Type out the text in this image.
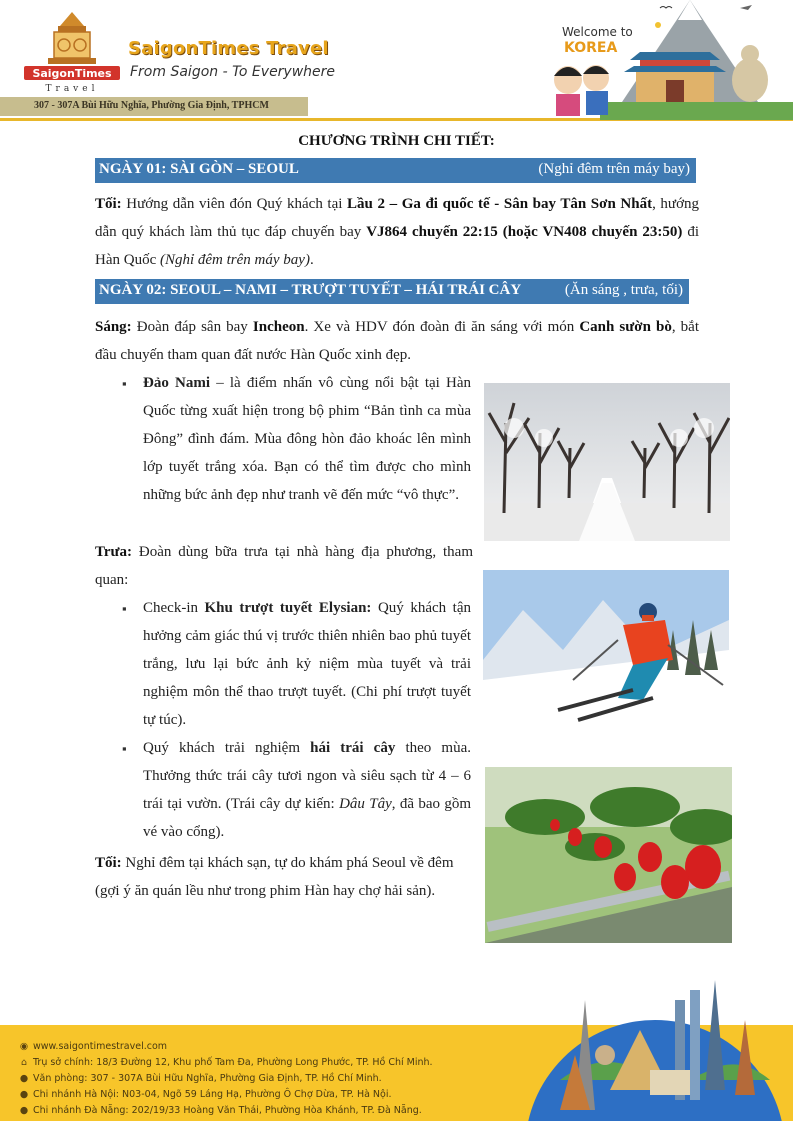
SaigonTimes
Travel
SaigonTimes Travel
From Saigon - To Everywhere
307 - 307A Bùi Hữu Nghĩa, Phường Gia Định, TPHCM
Welcome to
KOREA
CHƯƠNG TRÌNH CHI TIẾT:
NGÀY 01: SÀI GÒN – SEOUL	(Nghỉ đêm trên máy bay)
Tối: Hướng dẫn viên đón Quý khách tại Lầu 2 – Ga đi quốc tế - Sân bay Tân Sơn Nhất, hướng dẫn quý khách làm thủ tục đáp chuyến bay VJ864 chuyến 22:15 (hoặc VN408 chuyến 23:50) đi Hàn Quốc (Nghỉ đêm trên máy bay).
NGÀY 02: SEOUL – NAMI – TRƯỢT TUYẾT – HÁI TRÁI CÂY	(Ăn sáng , trưa, tối)
Sáng: Đoàn đáp sân bay Incheon. Xe và HDV đón đoàn đi ăn sáng với món Canh sườn bò, bắt đầu chuyến tham quan đất nước Hàn Quốc xinh đẹp.
▪ Đảo Nami – là điểm nhấn vô cùng nổi bật tại Hàn Quốc từng xuất hiện trong bộ phim “Bản tình ca mùa Đông” đình đám. Mùa đông hòn đảo khoác lên mình lớp tuyết trắng xóa. Bạn có thể tìm được cho mình những bức ảnh đẹp như tranh vẽ đến mức “vô thực”.
Trưa: Đoàn dùng bữa trưa tại nhà hàng địa phương, tham quan:
▪ Check-in Khu trượt tuyết Elysian: Quý khách tận hưởng cảm giác thú vị trước thiên nhiên bao phủ tuyết trắng, lưu lại bức ảnh kỷ niệm mùa tuyết và trải nghiệm môn thể thao trượt tuyết. (Chi phí trượt tuyết tự túc).
▪ Quý khách trải nghiệm hái trái cây theo mùa. Thưởng thức trái cây tươi ngon và siêu sạch từ 4 – 6 trái tại vườn. (Trái cây dự kiến: Dâu Tây, đã bao gồm vé vào cổng).
Tối: Nghỉ đêm tại khách sạn, tự do khám phá Seoul về đêm (gợi ý ăn quán lều như trong phim Hàn hay chợ hải sản).
◉ www.saigontimestravel.com
⌂ Trụ sở chính: 18/3 Đường 12, Khu phố Tam Đa, Phường Long Phước, TP. Hồ Chí Minh.
● Văn phòng: 307 - 307A Bùi Hữu Nghĩa, Phường Gia Định, TP. Hồ Chí Minh.
● Chi nhánh Hà Nội: N03-04, Ngõ 59 Láng Hạ, Phường Ô Chợ Dừa, TP. Hà Nội.
● Chi nhánh Đà Nẵng: 202/19/33 Hoàng Văn Thái, Phường Hòa Khánh, TP. Đà Nẵng.
